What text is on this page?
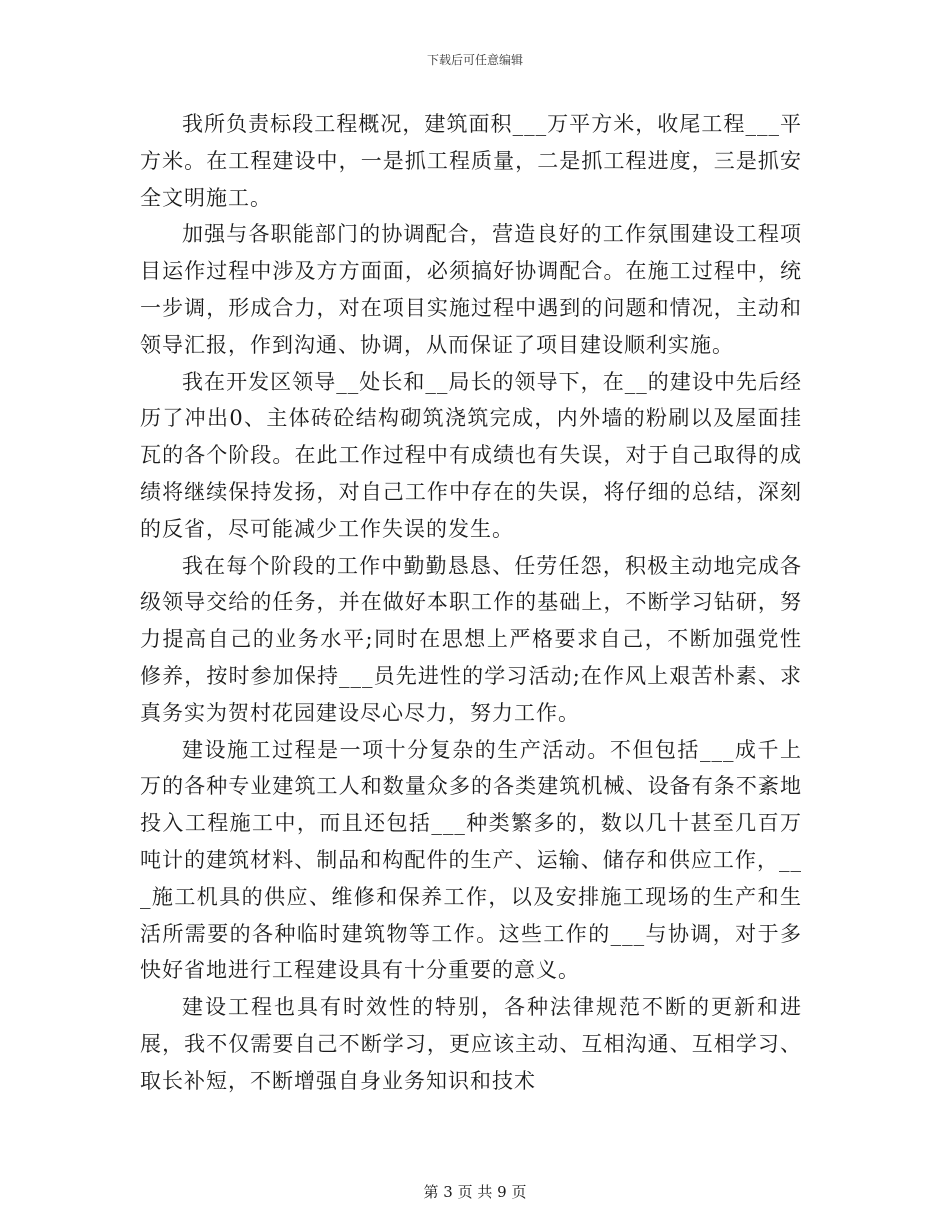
下载后可任意编辑

我所负责标段工程概况，建筑面积___万平方米，收尾工程___平方米。在工程建设中，一是抓工程质量，二是抓工程进度，三是抓安全文明施工。

加强与各职能部门的协调配合，营造良好的工作氛围建设工程项目运作过程中涉及方方面面，必须搞好协调配合。在施工过程中，统一步调，形成合力，对在项目实施过程中遇到的问题和情况，主动和领导汇报，作到沟通、协调，从而保证了项目建设顺利实施。

我在开发区领导__处长和__局长的领导下，在__的建设中先后经历了冲出0、主体砖砼结构砌筑浇筑完成，内外墙的粉刷以及屋面挂瓦的各个阶段。在此工作过程中有成绩也有失误，对于自己取得的成绩将继续保持发扬，对自己工作中存在的失误，将仔细的总结，深刻的反省，尽可能减少工作失误的发生。

我在每个阶段的工作中勤勤恳恳、任劳任怨，积极主动地完成各级领导交给的任务，并在做好本职工作的基础上，不断学习钻研，努力提高自己的业务水平;同时在思想上严格要求自己，不断加强党性修养，按时参加保持___员先进性的学习活动;在作风上艰苦朴素、求真务实为贺村花园建设尽心尽力，努力工作。

建设施工过程是一项十分复杂的生产活动。不但包括___成千上万的各种专业建筑工人和数量众多的各类建筑机械、设备有条不紊地投入工程施工中，而且还包括___种类繁多的，数以几十甚至几百万吨计的建筑材料、制品和构配件的生产、运输、储存和供应工作，___施工机具的供应、维修和保养工作，以及安排施工现场的生产和生活所需要的各种临时建筑物等工作。这些工作的___与协调，对于多快好省地进行工程建设具有十分重要的意义。

建设工程也具有时效性的特别，各种法律规范不断的更新和进展，我不仅需要自己不断学习，更应该主动、互相沟通、互相学习、取长补短，不断增强自身业务知识和技术

第 3 页 共 9 页
